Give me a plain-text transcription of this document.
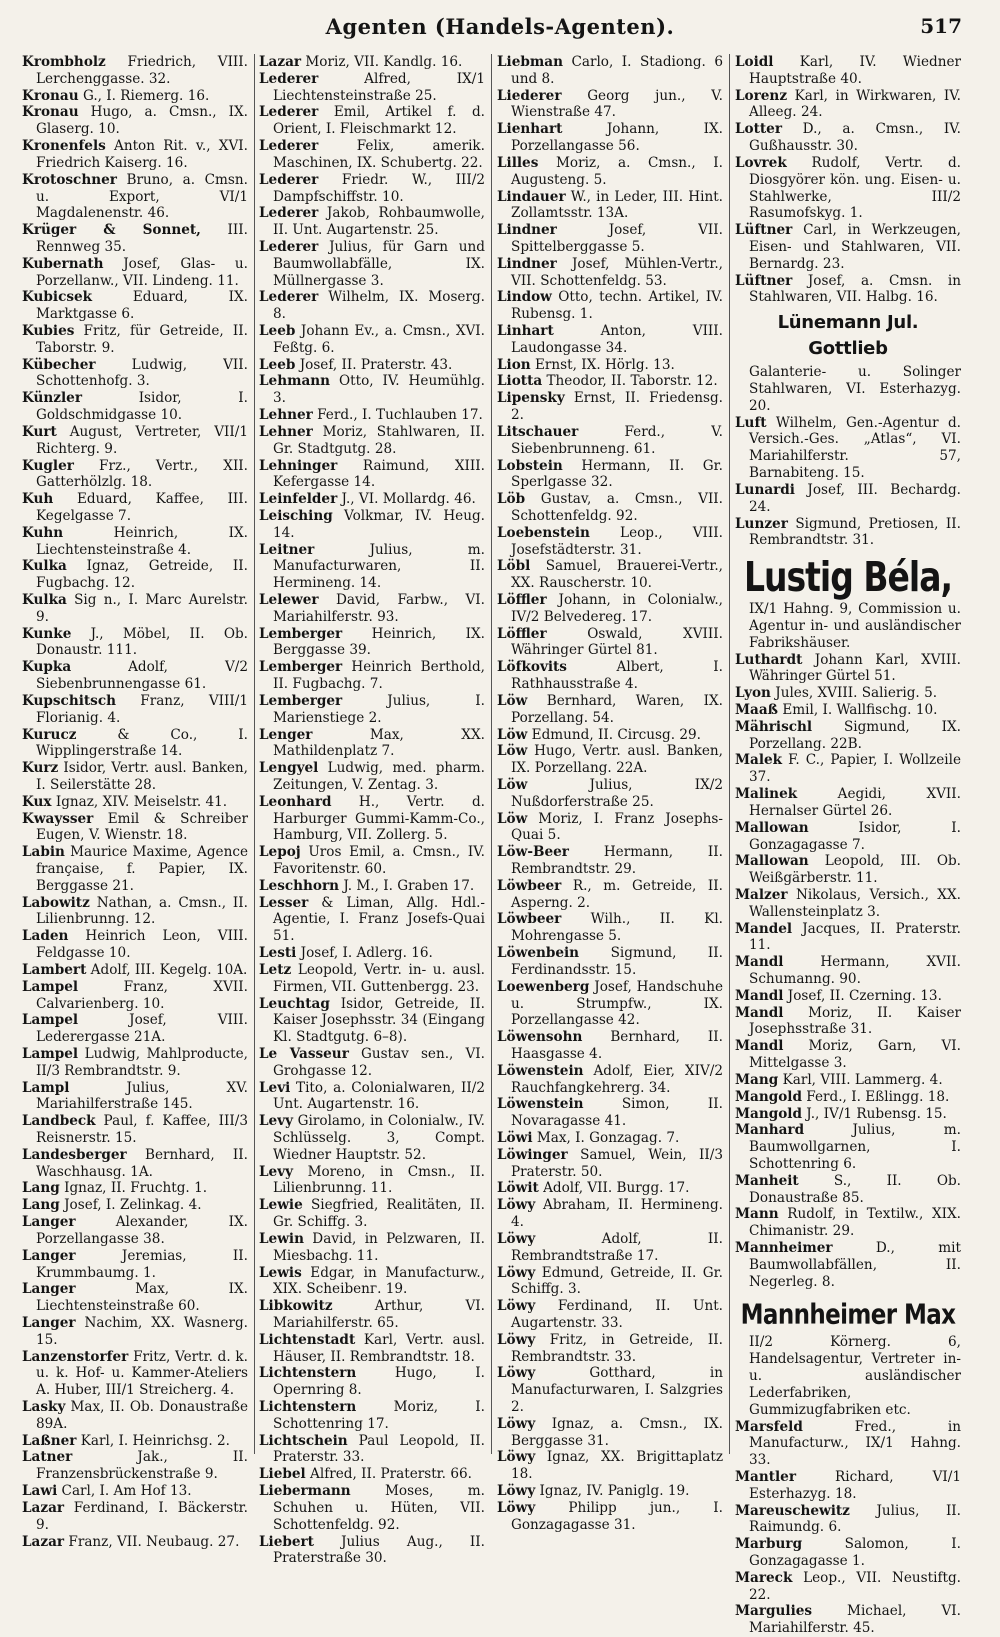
Agenten (Handels-Agenten).	517

Krombholz Friedrich, VIII. Lerchenggasse. 32.

Kronau G., I. Riemerg. 16.

Kronau Hugo, a. Cmsn., IX. Glaserg. 10.

Kronenfels Anton Rit. v., XVI. Friedrich Kaiserg. 16.

Krotoschner Bruno, a. Cmsn. u. Export, VI/1 Magdalenenstr. 46.

Krüger & Sonnet, III. Rennweg 35.

Kubernath Josef, Glas- u. Porzellanw., VII. Lindeng. 11.

Kubicsek Eduard, IX. Marktgasse 6.

Kubies Fritz, für Getreide, II. Taborstr. 9.

Kübecher Ludwig, VII. Schottenhofg. 3.

Künzler Isidor, I. Goldschmidgasse 10.

Kurt August, Vertreter, VII/1 Richterg. 9.

Kugler Frz., Vertr., XII. Gatterhölzlg. 18.

Kuh Eduard, Kaffee, III. Kegelgasse 7.

Kuhn Heinrich, IX. Liechtensteinstraße 4.

Kulka Ignaz, Getreide, II. Fugbachg. 12.

Kulka Sig n., I. Marc Aurelstr. 9.

Kunke J., Möbel, II. Ob. Donaustr. 111.

Kupka Adolf, V/2 Siebenbrunnengasse 61.

Kupschitsch Franz, VIII/1 Florianig. 4.

Kurucz & Co., I. Wipplingerstraße 14.

Kurz Isidor, Vertr. ausl. Banken, I. Seilerstätte 28.

Kux Ignaz, XIV. Meiselstr. 41.

Kwaysser Emil & Schreiber Eugen, V. Wienstr. 18.

Labin Maurice Maxime, Agence française, f. Papier, IX. Berggasse 21.

Labowitz Nathan, a. Cmsn., II. Lilienbrunng. 12.

Laden Heinrich Leon, VIII. Feldgasse 10.

Lambert Adolf, III. Kegelg. 10A.

Lampel Franz, XVII. Calvarienberg. 10.

Lampel Josef, VIII. Lederergasse 21A.

Lampel Ludwig, Mahlproducte, II/3 Rembrandtstr. 9.

Lampl Julius, XV. Mariahilferstraße 145.

Landbeck Paul, f. Kaffee, III/3 Reisnerstr. 15.

Landesberger Bernhard, II. Waschhausg. 1A.

Lang Ignaz, II. Fruchtg. 1.

Lang Josef, I. Zelinkag. 4.

Langer Alexander, IX. Porzellangasse 38.

Langer Jeremias, II. Krummbaumg. 1.

Langer Max, IX. Liechtensteinstraße 60.

Langer Nachim, XX. Wasnerg. 15.

Lanzenstorfer Fritz, Vertr. d. k. u. k. Hof- u. Kammer-Ateliers A. Huber, III/1 Streicherg. 4.

Lasky Max, II. Ob. Donaustraße 89A.

Laßner Karl, I. Heinrichsg. 2.

Latner Jak., II. Franzensbrückenstraße 9.

Lawi Carl, I. Am Hof 13.

Lazar Ferdinand, I. Bäckerstr. 9.

Lazar Franz, VII. Neubaug. 27.

Lazar Moriz, VII. Kandlg. 16.

Lederer Alfred, IX/1 Liechtensteinstraße 25.

Lederer Emil, Artikel f. d. Orient, I. Fleischmarkt 12.

Lederer Felix, amerik. Maschinen, IX. Schubertg. 22.

Lederer Friedr. W., III/2 Dampfschiffstr. 10.

Lederer Jakob, Rohbaumwolle, II. Unt. Augartenstr. 25.

Lederer Julius, für Garn und Baumwollabfälle, IX. Müllnergasse 3.

Lederer Wilhelm, IX. Moserg. 8.

Leeb Johann Ev., a. Cmsn., XVI. Feßtg. 6.

Leeb Josef, II. Praterstr. 43.

Lehmann Otto, IV. Heumühlg. 3.

Lehner Ferd., I. Tuchlauben 17.

Lehner Moriz, Stahlwaren, II. Gr. Stadtgutg. 28.

Lehninger Raimund, XIII. Kefergasse 14.

Leinfelder J., VI. Mollardg. 46.

Leisching Volkmar, IV. Heug. 14.

Leitner Julius, m. Manufacturwaren, II. Hermineng. 14.

Lelewer David, Farbw., VI. Mariahilferstr. 93.

Lemberger Heinrich, IX. Berggasse 39.

Lemberger Heinrich Berthold, II. Fugbachg. 7.

Lemberger Julius, I. Marienstiege 2.

Lenger Max, XX. Mathildenplatz 7.

Lengyel Ludwig, med. pharm. Zeitungen, V. Zentag. 3.

Leonhard H., Vertr. d. Harburger Gummi-Kamm-Co., Hamburg, VII. Zollerg. 5.

Lepoj Uros Emil, a. Cmsn., IV. Favoritenstr. 60.

Leschhorn J. M., I. Graben 17.

Lesser & Liman, Allg. Hdl.-Agentie, I. Franz Josefs-Quai 51.

Lesti Josef, I. Adlerg. 16.

Letz Leopold, Vertr. in- u. ausl. Firmen, VII. Guttenbergg. 23.

Leuchtag Isidor, Getreide, II. Kaiser Josephsstr. 34 (Eingang Kl. Stadtgutg. 6–8).

Le Vasseur Gustav sen., VI. Grohgasse 12.

Levi Tito, a. Colonialwaren, II/2 Unt. Augartenstr. 16.

Levy Girolamo, in Colonialw., IV. Schlüsselg. 3, Compt. Wiedner Hauptstr. 52.

Levy Moreno, in Cmsn., II. Lilienbrunng. 11.

Lewie Siegfried, Realitäten, II. Gr. Schiffg. 3.

Lewin David, in Pelzwaren, II. Miesbachg. 11.

Lewis Edgar, in Manufacturw., XIX. Scheibenг. 19.

Libkowitz Arthur, VI. Mariahilferstr. 65.

Lichtenstadt Karl, Vertr. ausl. Häuser, II. Rembrandtstr. 18.

Lichtenstern Hugo, I. Opernring 8.

Lichtenstern Moriz, I. Schottenring 17.

Lichtschein Paul Leopold, II. Praterstr. 33.

Liebel Alfred, II. Praterstr. 66.

Liebermann Moses, m. Schuhen u. Hüten, VII. Schottenfeldg. 92.

Liebert Julius Aug., II. Praterstraße 30.

Liebman Carlo, I. Stadiong. 6 und 8.

Liederer Georg jun., V. Wienstraße 47.

Lienhart Johann, IX. Porzellangasse 56.

Lilles Moriz, a. Cmsn., I. Augusteng. 5.

Lindauer W., in Leder, III. Hint. Zollamtsstr. 13A.

Lindner Josef, VII. Spittelberggasse 5.

Lindner Josef, Mühlen-Vertr., VII. Schottenfeldg. 53.

Lindow Otto, techn. Artikel, IV. Rubensg. 1.

Linhart Anton, VIII. Laudongasse 34.

Lion Ernst, IX. Hörlg. 13.

Liotta Theodor, II. Taborstr. 12.

Lipensky Ernst, II. Friedensg. 2.

Litschauer Ferd., V. Siebenbrunneng. 61.

Lobstein Hermann, II. Gr. Sperlgasse 32.

Löb Gustav, a. Cmsn., VII. Schottenfeldg. 92.

Loebenstein Leop., VIII. Josefstädterstr. 31.

Löbl Samuel, Brauerei-Vertr., XX. Rauscherstr. 10.

Löffler Johann, in Colonialw., IV/2 Belvedereg. 17.

Löffler Oswald, XVIII. Währinger Gürtel 81.

Löfkovits Albert, I. Rathhausstraße 4.

Löw Bernhard, Waren, IX. Porzellang. 54.

Löw Edmund, II. Circusg. 29.

Löw Hugo, Vertr. ausl. Banken, IX. Porzellang. 22A.

Löw Julius, IX/2 Nußdorferstraße 25.

Löw Moriz, I. Franz Josephs-Quai 5.

Löw-Beer Hermann, II. Rembrandtstr. 29.

Löwbeer R., m. Getreide, II. Asperng. 2.

Löwbeer Wilh., II. Kl. Mohrengasse 5.

Löwenbein Sigmund, II. Ferdinandsstr. 15.

Loewenberg Josef, Handschuhe u. Strumpfw., IX. Porzellangasse 42.

Löwensohn Bernhard, II. Haasgasse 4.

Löwenstein Adolf, Eier, XIV/2 Rauchfangkehrerg. 34.

Löwenstein Simon, II. Novaragasse 41.

Löwi Max, I. Gonzagag. 7.

Löwinger Samuel, Wein, II/3 Praterstr. 50.

Löwit Adolf, VII. Burgg. 17.

Löwy Abraham, II. Hermineng. 4.

Löwy Adolf, II. Rembrandtstraße 17.

Löwy Edmund, Getreide, II. Gr. Schiffg. 3.

Löwy Ferdinand, II. Unt. Augartenstr. 33.

Löwy Fritz, in Getreide, II. Rembrandtstr. 33.

Löwy Gotthard, in Manufacturwaren, I. Salzgries 2.

Löwy Ignaz, a. Cmsn., IX. Berggasse 31.

Löwy Ignaz, XX. Brigittaplatz 18.

Löwy Ignaz, IV. Paniglg. 19.

Löwy Philipp jun., I. Gonzagagasse 31.

Loidl Karl, IV. Wiedner Hauptstraße 40.

Lorenz Karl, in Wirkwaren, IV. Alleeg. 24.

Lotter D., a. Cmsn., IV. Gußhausstr. 30.

Lovrek Rudolf, Vertr. d. Diosgyörer kön. ung. Eisen- u. Stahlwerke, III/2 Rasumofskyg. 1.

Lüftner Carl, in Werkzeugen, Eisen- und Stahlwaren, VII. Bernardg. 23.

Lüftner Josef, a. Cmsn. in Stahlwaren, VII. Halbg. 16.

Lünemann Jul. Gottlieb

Galanterie- u. Solinger Stahlwaren, VI. Esterhazyg. 20.

Luft Wilhelm, Gen.-Agentur d. Versich.-Ges. „Atlas“, VI. Mariahilferstr. 57, Barnabiteng. 15.

Lunardi Josef, III. Bechardg. 24.

Lunzer Sigmund, Pretiosen, II. Rembrandtstr. 31.

Lustig Béla,

IX/1 Hahng. 9, Commission u. Agentur in- und ausländischer Fabrikshäuser.

Luthardt Johann Karl, XVIII. Währinger Gürtel 51.

Lyon Jules, XVIII. Salierig. 5.

Maaß Emil, I. Wallfischg. 10.

Mährischl Sigmund, IX. Porzellang. 22B.

Malek F. C., Papier, I. Wollzeile 37.

Malinek Aegidi, XVII. Hernalser Gürtel 26.

Mallowan Isidor, I. Gonzagagasse 7.

Mallowan Leopold, III. Ob. Weißgärberstr. 11.

Malzer Nikolaus, Versich., XX. Wallensteinplatz 3.

Mandel Jacques, II. Praterstr. 11.

Mandl Hermann, XVII. Schumanng. 90.

Mandl Josef, II. Czerning. 13.

Mandl Moriz, II. Kaiser Josephsstraße 31.

Mandl Moriz, Garn, VI. Mittelgasse 3.

Mang Karl, VIII. Lammerg. 4.

Mangold Ferd., I. Eßlingg. 18.

Mangold J., IV/1 Rubensg. 15.

Manhard Julius, m. Baumwollgarnen, I. Schottenring 6.

Manheit S., II. Ob. Donaustraße 85.

Mann Rudolf, in Textilw., XIX. Chimanistr. 29.

Mannheimer D., mit Baumwollabfällen, II. Negerleg. 8.

Mannheimer Max

II/2 Körnerg. 6, Handelsagentur, Vertreter in- u. ausländischer Lederfabriken, Gummizugfabriken etc.

Marsfeld Fred., in Manufacturw., IX/1 Hahng. 33.

Mantler Richard, VI/1 Esterhazyg. 18.

Mareuschewitz Julius, II. Raimundg. 6.

Marburg Salomon, I. Gonzagagasse 1.

Mareck Leop., VII. Neustiftg. 22.

Margulies Michael, VI. Mariahilferstr. 45.
